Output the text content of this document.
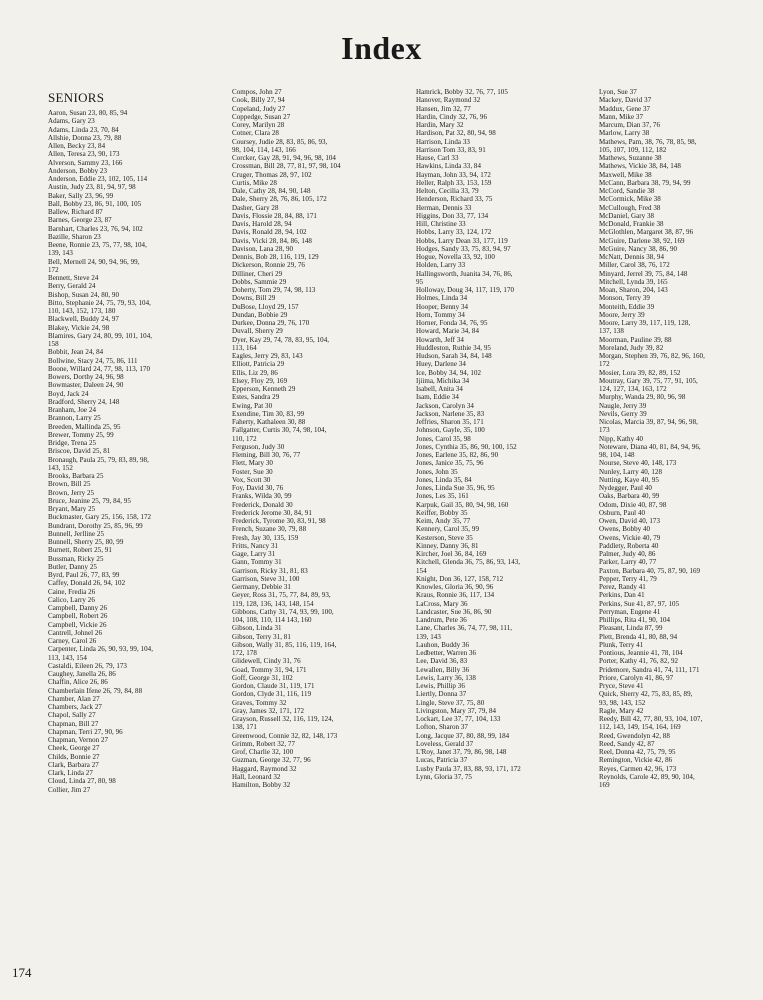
Index
SENIORS
Aaron, Susan 23, 80, 85, 94
Adams, Gary 23
Adams, Linda 23, 70, 84
Allshie, Donna 23, 79, 88
Allen, Becky 23, 84
Allen, Teresa 23, 90, 173
Alverson, Sammy 23, 166
Anderson, Bobby 23
Anderson, Eddie 23, 102, 105, 114
Austin, Judy 23, 81, 94, 97, 98
Baker, Sally 23, 96, 99
Ball, Bobby 23, 86, 91, 100, 105
Ballew, Richard 87
Barnes, George 23, 87
Barnhart, Charles 23, 76, 94, 102
Bazille, Sharon 23
Beene, Ronnie 23, 75, 77, 98, 104,
139, 143
Bell, Mernell 24, 90, 94, 96, 99,
172
Bennett, Steve 24
Berry, Gerald 24
Bishop, Susan 24, 80, 90
Bitto, Stephanie 24, 75, 79, 93, 104,
110, 143, 152, 173, 180
Blackwell, Buddy 24, 97
Blakey, Vickie 24, 98
Blamires, Gary 24, 80, 99, 101, 104,
158
Bobbit, Jean 24, 84
Bollwine, Stacy 24, 75, 86, 111
Boone, Willard 24, 77, 98, 113, 170
Bowers, Dorthy 24, 96, 98
Bowmaster, Daleen 24, 90
Boyd, Jack 24
Bradford, Sherry 24, 148
Branham, Joe 24
Brannon, Larry 25
Breeden, Mallinda 25, 95
Brewer, Tommy 25, 99
Bridge, Trena 25
Briscoe, David 25, 81
Bronaugh, Paula 25, 79, 83, 89, 98,
143, 152
Brooks, Barbara 25
Brown, Bill 25
Brown, Jerry 25
Bruce, Jeanine 25, 79, 84, 95
Bryant, Mary 25
Buckmaster, Gary 25, 156, 158, 172
Bundrant, Dorothy 25, 85, 96, 99
Bunnell, Jerlline 25
Bunnell, Sherry 25, 80, 99
Burnett, Robert 25, 91
Bussman, Ricky 25
Butler, Danny 25
Byrd, Paul 26, 77, 83, 99
Caffey, Donald 26, 94, 102
Caine, Fredia 26
Calico, Larry 26
Campbell, Danny 26
Campbell, Robert 26
Campbell, Vickie 26
Cantrell, Johnel 26
Carney, Carol 26
Carpenter, Linda 26, 90, 93, 99, 104,
113, 143, 154
Castaldi, Eileen 26, 79, 173
Caughey, Janella 26, 86
Chaffin, Alice 26, 86
Chamberlain Ifene 26, 79, 84, 88
Chamber, Alan 27
Chambers, Jack 27
Chapol, Sally 27
Chapman, Bill 27
Chapman, Terri 27, 90, 96
Chapman, Vernon 27
Cheek, George 27
Childs, Bonnie 27
Clark, Barbara 27
Clark, Linda 27
Cloud, Linda 27, 80, 98
Collier, Jim 27
Compos, John 27
Cook, Billy 27, 94
Copeland, Judy 27
Coppedge, Susan 27
Corey, Marilyn 28
Cotner, Clara 28
Coursey, Judie 28, 83, 85, 86, 93,
98, 104, 114, 143, 166
Corcker, Gay 28, 91, 94, 96, 98, 104
Crossman, Bill 28, 77, 81, 97, 98, 104
Cruger, Thomas 28, 97, 102
Curtis, Mike 28
Dale, Cathy 28, 84, 90, 148
Dale, Sherry 28, 76, 86, 105, 172
Dasher, Gary 28
Davis, Flossie 28, 84, 88, 171
Davis, Harold 28, 94
Davis, Ronald 28, 94, 102
Davis, Vicki 28, 84, 86, 148
Davison, Lana 28, 90
Dennis, Bob 28, 116, 119, 129
Dickerson, Ronnie 29, 76
Dilliner, Cheri 29
Dobbs, Sammie 29
Doherty, Tom 29, 74, 98, 113
Downs, Bill 29
DuBose, Lloyd 29, 157
Dundan, Bobbie 29
Durkee, Donna 29, 76, 170
Duvall, Sherry 29
Dyer, Kay 29, 74, 78, 83, 95, 104,
113, 164
Eagles, Jerry 29, 83, 143
Elliott, Patricia 29
Ellis, Liz 29, 86
Elsey, Floy 29, 169
Epperson, Kenneth 29
Estes, Sandra 29
Ewing, Pat 30
Exendine, Tim 30, 83, 99
Faherty, Kathaleen 30, 88
Fallgatter, Curtis 30, 74, 98, 104,
110, 172
Ferguson, Judy 30
Fleming, Bill 30, 76, 77
Flett, Mary 30
Foster, Sue 30
Vox, Scott 30
Foy, David 30, 76
Franks, Wilda 30, 99
Frederick, Donald 30
Frederick Jerome 30, 84, 91
Frederick, Tyrome 30, 83, 91, 98
French, Suzane 30, 79, 88
Fresh, Jay 30, 135, 159
Fritts, Nancy 31
Gage, Larry 31
Gann, Tommy 31
Garrison, Ricky 31, 81, 83
Garrison, Steve 31, 100
Germany, Debbie 31
Geyer, Ross 31, 75, 77, 84, 89, 93,
119, 128, 136, 143, 148, 154
Gibbons, Cathy 31, 74, 93, 99, 100,
104, 108, 110, 114 143, 160
Gibson, Linda 31
Gibson, Terry 31, 81
Gibson, Wally 31, 85, 116, 119, 164,
172, 178
Glidewell, Cindy 31, 76
Goad, Tommy 31, 94, 171
Goff, George 31, 102
Gordon, Claude 31, 119, 171
Gordon, Clyde 31, 116, 119
Graves, Tommy 32
Gray, James 32, 171, 172
Grayson, Russell 32, 116, 119, 124,
138, 171
Greenwood, Connie 32, 82, 148, 173
Grimm, Robert 32, 77
Grof, Charlie 32, 100
Guzman, George 32, 77, 96
Haggard, Raymond 32
Hall, Leonard 32
Hamilton, Bobby 32
Hamrick, Bobby 32, 76, 77, 105
Hanover, Raymond 32
Hansen, Jim 32, 77
Hardin, Cindy 32, 76, 96
Hardin, Mary 32
Hardison, Pat 32, 80, 94, 98
Harrison, Linda 33
Harrison Tom 33, 83, 91
Hause, Carl 33
Hawkins, Linda 33, 84
Hayman, John 33, 94, 172
Heller, Ralph 33, 153, 159
Helton, Cecilia 33, 79
Henderson, Richard 33, 75
Herman, Dennis 33
Higgins, Don 33, 77, 134
Hill, Christine 33
Hobbs, Larry 33, 124, 172
Hobbs, Larry Dean 33, 177, 119
Hodges, Sandy 33, 75, 83, 94, 97
Hogue, Novella 33, 92, 100
Holden, Larry 33
Hallingsworth, Juanita 34, 76, 86,
95
Holloway, Doug 34, 117, 119, 170
Holmes, Linda 34
Hooper, Benny 34
Horn, Tommy 34
Horner, Fonda 34, 76, 95
Howard, Marie 34, 84
Howarth, Jeff 34
Huddleston, Ruthie 34, 95
Hudson, Sarah 34, 84, 148
Huey, Darlene 34
Ice, Bobby 34, 94, 102
Ijiima, Michika 34
Isabell, Anita 34
Isam, Eddie 34
Jackson, Carolyn 34
Jackson, Narlene 35, 83
Jeffries, Sharon 35, 171
Johnson, Gayle, 35, 100
Jones, Carol 35, 98
Jones, Cynthia 35, 86, 90, 100, 152
Jones, Earlene 35, 82, 86, 90
Jones, Janice 35, 75, 96
Jones, John 35
Jones, Linda 35, 84
Jones, Linda Sue 35, 96, 95
Jones, Les 35, 161
Karpuk, Gail 35, 80, 94, 98, 160
Keiffer, Bobby 35
Keim, Andy 35, 77
Kennery, Carol 35, 99
Kesterson, Steve 35
Kinney, Danny 36, 81
Kircher, Joel 36, 84, 169
Kitchell, Glenda 36, 75, 86, 93, 143,
154
Knight, Don 36, 127, 158, 712
Knowles, Gloria 36, 90, 96
Kraus, Ronnie 36, 117, 134
LaCross, Mary 36
Landcaster, Sue 36, 86, 90
Landrum, Pete 36
Lane, Charles 36, 74, 77, 98, 111,
139, 143
Lauhon, Buddy 36
Ledbetter, Warren 36
Lee, David 36, 83
Lewallen, Billy 36
Lewis, Larry 36, 138
Lewis, Phillip 36
Liertly, Donna 37
Lingle, Steve 37, 75, 80
Livingston, Mary 37, 79, 84
Lockart, Lee 37, 77, 104, 133
Lofton, Sharon 37
Long, Jacque 37, 80, 88, 99, 184
Loveless, Gerald 37
L'Roy, Janet 37, 79, 86, 98, 148
Lucas, Patricia 37
Lusby Paula 37, 83, 88, 93, 171, 172
Lynn, Gloria 37, 75
Lyon, Sue 37
Mackey, David 37
Maddux, Gene 37
Mann, Mike 37
Marcum, Dian 37, 76
Marlow, Larry 38
Mathews, Pam, 38, 76, 78, 85, 98,
105, 107, 109, 112, 182
Mathews, Suzanne 38
Mathews, Vickie 38, 84, 148
Maxwell, Mike 38
McCann, Barbara 38, 79, 94, 99
McCord, Sandie 38
McCormick, Mike 38
McCullough, Fred 38
McDaniel, Gary 38
McDonald, Frankie 38
McGlothlen, Margaret 38, 87, 96
McGuire, Darlene 38, 92, 169
McGuire, Nancy 38, 86, 90
McNatt, Dennis 38, 94
Miller, Carol 38, 76, 172
Minyard, Jerrel 39, 75, 84, 148
Mitchell, Lynda 39, 165
Moan, Sharon, 204, 143
Monson, Terry 39
Monteith, Eddie 39
Moore, Jerry 39
Moore, Larry 39, 117, 119, 128,
137, 138
Moorman, Pauline 39, 88
Moreland, Judy 39, 82
Morgan, Stephen 39, 76, 82, 96, 160,
172
Mosier, Lora 39, 82, 89, 152
Moutray, Gary 39, 75, 77, 91, 105,
124, 127, 134, 163, 172
Murphy, Wanda 29, 80, 96, 98
Naugle, Jerry 39
Nevils, Gerry 39
Nicolas, Marcia 39, 87, 94, 96, 98,
173
Nipp, Kathy 40
Noteware, Diana 40, 81, 84, 94, 96,
98, 104, 148
Nourse, Steve 40, 148, 173
Nunley, Larry 40, 128
Nutting, Kaye 40, 95
Nydegger, Paul 40
Oaks, Barbara 40, 99
Odom, Dixie 40, 87, 98
Osburn, Paul 40
Owen, David 40, 173
Owens, Bobby 40
Owens, Vickie 40, 79
Paddlety, Roberta 40
Palmer, Judy 40, 86
Parker, Larry 40, 77
Paxton, Barbara 40, 75, 87, 90, 169
Pepper, Terry 41, 79
Perez, Randy 41
Perkins, Dan 41
Perkins, Sue 41, 87, 97, 105
Perryman, Eugene 41
Phillips, Rita 41, 90, 104
Pleasant, Linda 87, 99
Plett, Brenda 41, 80, 88, 94
Plunk, Terry 41
Pontious, Jeannie 41, 78, 104
Porter, Kathy 41, 76, 82, 92
Pridemore, Sandra 41, 74, 111, 171
Priore, Carolyn 41, 86, 97
Pryce, Steve 41
Quick, Sherry 42, 75, 83, 85, 89,
93, 98, 143, 152
Ragle, Mary 42
Reedy, Bill 42, 77, 80, 93, 104, 107,
112, 143, 149, 154, 164, 169
Reed, Gwendolyn 42, 88
Reed, Sandy 42, 87
Reel, Donna 42, 75, 79, 95
Remington, Vickie 42, 86
Reyes, Carmen 42, 96, 173
Reynolds, Carole 42, 89, 90, 104,
169
174
